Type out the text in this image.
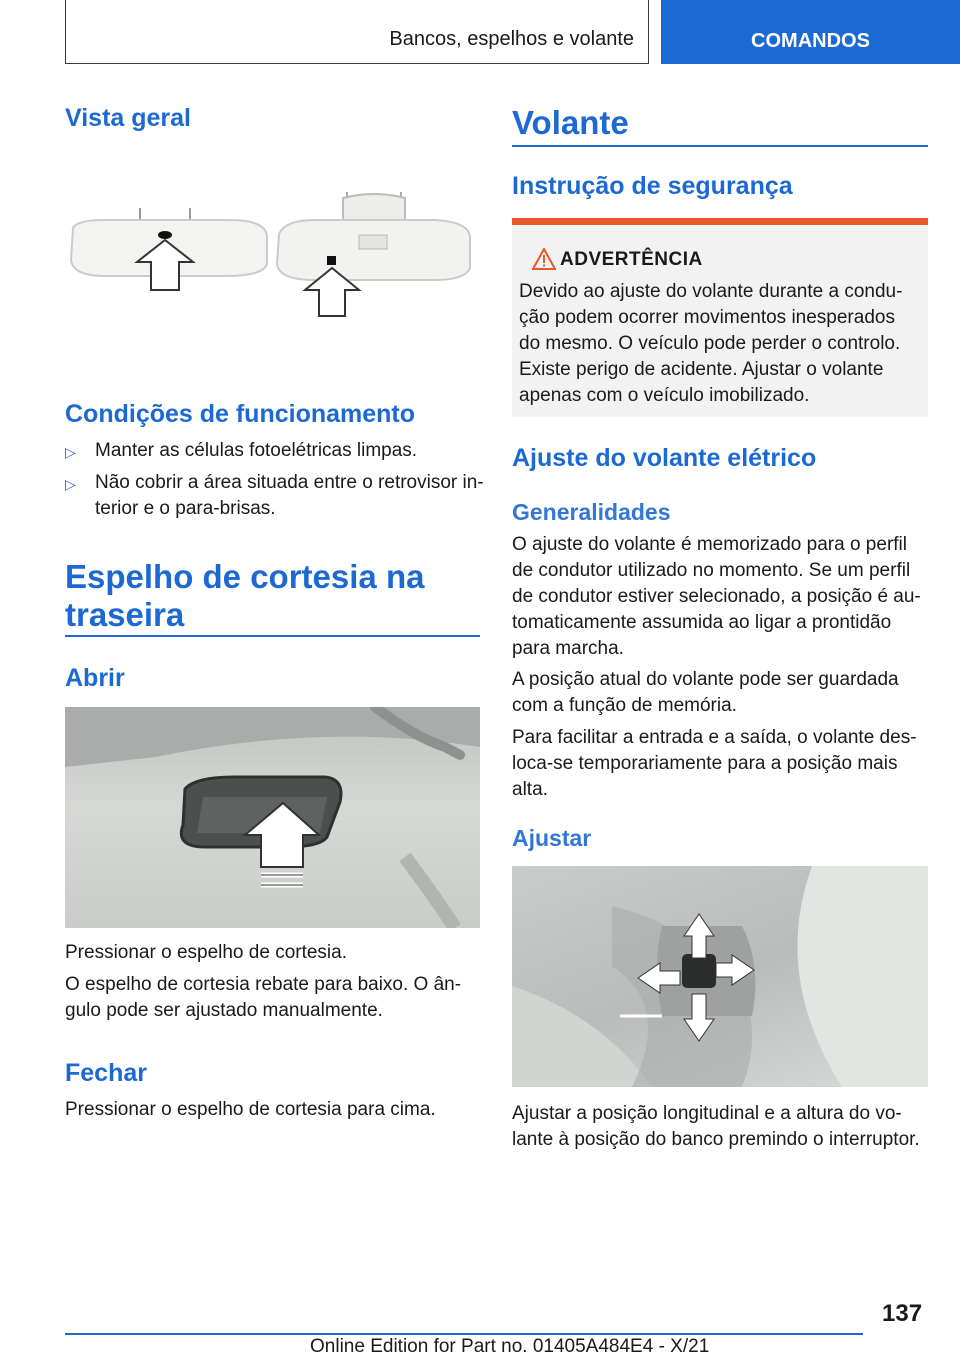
Bancos, espelhos e volante	COMANDOS
Vista geral
Condições de funcionamento
▷ Manter as células fotoelétricas limpas.
▷ Não cobrir a área situada entre o retrovisor in-
terior e o para-brisas.
Espelho de cortesia na
traseira
Abrir

Pressionar o espelho de cortesia.

O espelho de cortesia rebate para baixo. O ân-

gulo pode ser ajustado manualmente.

Fechar

Pressionar o espelho de cortesia para cima.

Volante
Instrução de segurança
ADVERTÊNCIA

Devido ao ajuste do volante durante a condu-

ção podem ocorrer movimentos inesperados

do mesmo. O veículo pode perder o controlo.

Existe perigo de acidente. Ajustar o volante

apenas com o veículo imobilizado.

Ajuste do volante elétrico
Generalidades

O ajuste do volante é memorizado para o perfil

de condutor utilizado no momento. Se um perfil

de condutor estiver selecionado, a posição é au-

tomaticamente assumida ao ligar a prontidão

para marcha.

A posição atual do volante pode ser guardada

com a função de memória.

Para facilitar a entrada e a saída, o volante des-

loca-se temporariamente para a posição mais

alta.

Ajustar

Ajustar a posição longitudinal e a altura do vo-

lante à posição do banco premindo o interruptor.

137
Online Edition for Part no. 01405A484E4 - X/21
